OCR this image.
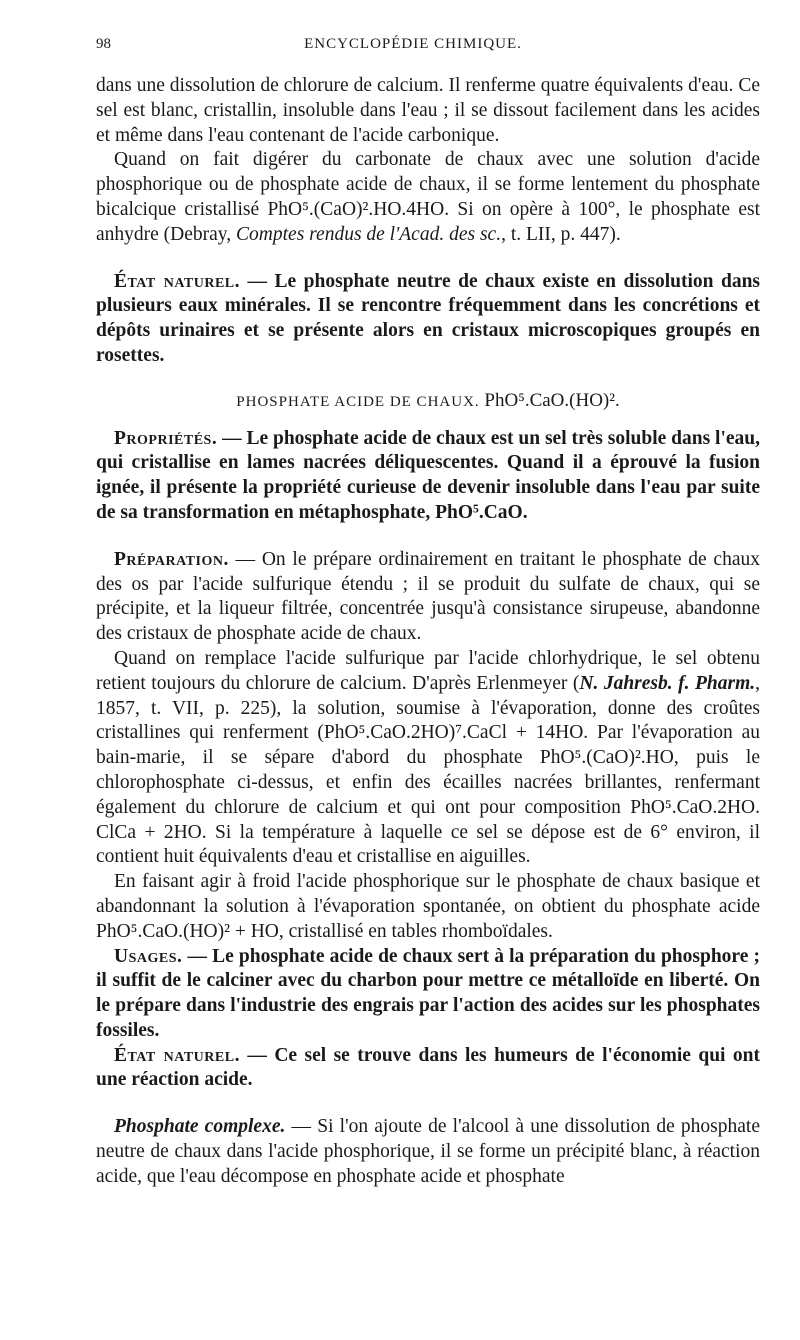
98	ENCYCLOPÉDIE CHIMIQUE.

dans une dissolution de chlorure de calcium. Il renferme quatre équivalents d'eau. Ce sel est blanc, cristallin, insoluble dans l'eau ; il se dissout facilement dans les acides et même dans l'eau contenant de l'acide carbonique.

Quand on fait digérer du carbonate de chaux avec une solution d'acide phosphorique ou de phosphate acide de chaux, il se forme lentement du phosphate bicalcique cristallisé PhO⁵.(CaO)².HO.4HO. Si on opère à 100°, le phosphate est anhydre (Debray, Comptes rendus de l'Acad. des sc., t. LII, p. 447).

État naturel. — Le phosphate neutre de chaux existe en dissolution dans plusieurs eaux minérales. Il se rencontre fréquemment dans les concrétions et dépôts urinaires et se présente alors en cristaux microscopiques groupés en rosettes.

PHOSPHATE ACIDE DE CHAUX. PhO⁵.CaO.(HO)².

Propriétés. — Le phosphate acide de chaux est un sel très soluble dans l'eau, qui cristallise en lames nacrées déliquescentes. Quand il a éprouvé la fusion ignée, il présente la propriété curieuse de devenir insoluble dans l'eau par suite de sa transformation en métaphosphate, PhO⁵.CaO.

Préparation. — On le prépare ordinairement en traitant le phosphate de chaux des os par l'acide sulfurique étendu ; il se produit du sulfate de chaux, qui se précipite, et la liqueur filtrée, concentrée jusqu'à consistance sirupeuse, abandonne des cristaux de phosphate acide de chaux.

Quand on remplace l'acide sulfurique par l'acide chlorhydrique, le sel obtenu retient toujours du chlorure de calcium. D'après Erlenmeyer (N. Jahresb. f. Pharm., 1857, t. VII, p. 225), la solution, soumise à l'évaporation, donne des croûtes cristallines qui renferment (PhO⁵.CaO.2HO)⁷.CaCl + 14HO. Par l'évaporation au bain-marie, il se sépare d'abord du phosphate PhO⁵.(CaO)².HO, puis le chlorophosphate ci-dessus, et enfin des écailles nacrées brillantes, renfermant également du chlorure de calcium et qui ont pour composition PhO⁵.CaO.2HO. ClCa + 2HO. Si la température à laquelle ce sel se dépose est de 6° environ, il contient huit équivalents d'eau et cristallise en aiguilles.

En faisant agir à froid l'acide phosphorique sur le phosphate de chaux basique et abandonnant la solution à l'évaporation spontanée, on obtient du phosphate acide PhO⁵.CaO.(HO)² + HO, cristallisé en tables rhomboïdales.

Usages. — Le phosphate acide de chaux sert à la préparation du phosphore ; il suffit de le calciner avec du charbon pour mettre ce métalloïde en liberté. On le prépare dans l'industrie des engrais par l'action des acides sur les phosphates fossiles.

État naturel. — Ce sel se trouve dans les humeurs de l'économie qui ont une réaction acide.

Phosphate complexe. — Si l'on ajoute de l'alcool à une dissolution de phosphate neutre de chaux dans l'acide phosphorique, il se forme un précipité blanc, à réaction acide, que l'eau décompose en phosphate acide et phosphate
